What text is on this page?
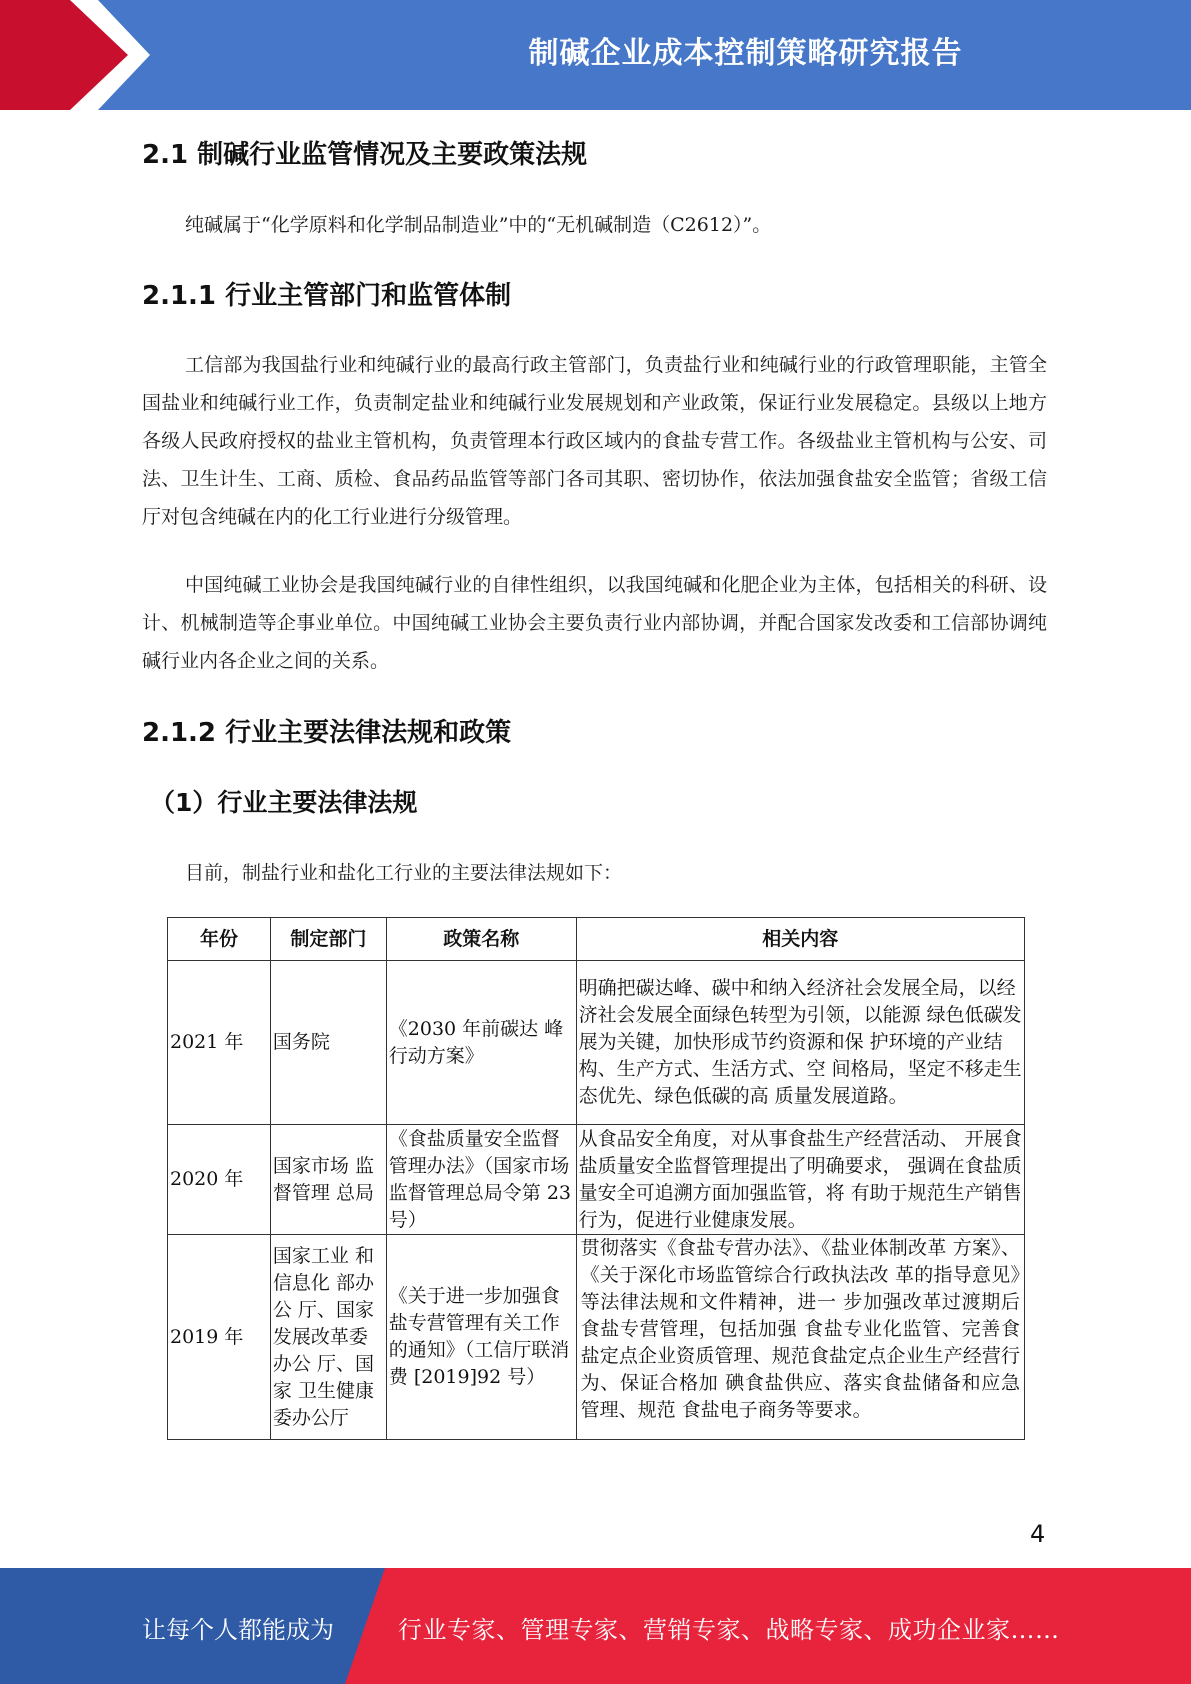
制碱企业成本控制策略研究报告
2.1 制碱行业监管情况及主要政策法规
纯碱属于“化学原料和化学制品制造业”中的“无机碱制造（C2612）”。
2.1.1 行业主管部门和监管体制
工信部为我国盐行业和纯碱行业的最高行政主管部门，负责盐行业和纯碱行业的行政管理职能，主管全国盐业和纯碱行业工作，负责制定盐业和纯碱行业发展规划和产业政策，保证行业发展稳定。县级以上地方各级人民政府授权的盐业主管机构，负责管理本行政区域内的食盐专营工作。各级盐业主管机构与公安、司法、卫生计生、工商、质检、食品药品监管等部门各司其职、密切协作，依法加强食盐安全监管；省级工信厅对包含纯碱在内的化工行业进行分级管理。
中国纯碱工业协会是我国纯碱行业的自律性组织，以我国纯碱和化肥企业为主体，包括相关的科研、设计、机械制造等企事业单位。中国纯碱工业协会主要负责行业内部协调，并配合国家发改委和工信部协调纯碱行业内各企业之间的关系。
2.1.2 行业主要法律法规和政策
（1）行业主要法律法规
目前，制盐行业和盐化工行业的主要法律法规如下：
年份	制定部门	政策名称	相关内容
2021 年	国务院	《2030 年前碳达 峰行动方案》	明确把碳达峰、碳中和纳入经济社会发展全局，以经济社会发展全面绿色转型为引领，以能源 绿色低碳发展为关键，加快形成节约资源和保 护环境的产业结构、生产方式、生活方式、空 间格局，坚定不移走生态优先、绿色低碳的高 质量发展道路。
2020 年	国家市场 监督管理 总局	《食盐质量安全监督管理办法》（国家市场监督管理总局令第 23 号）	从食品安全角度，对从事食盐生产经营活动、 开展食盐质量安全监督管理提出了明确要求， 强调在食盐质量安全可追溯方面加强监管，将 有助于规范生产销售行为，促进行业健康发展。
2019 年	国家工业 和信息化 部办公 厅、国家发展改革委办公 厅、国家 卫生健康委办公厅	《关于进一步加强食盐专营管理有关工作的通知》（工信厅联消费 [2019]92 号）	贯彻落实《食盐专营办法》、《盐业体制改革 方案》、《关于深化市场监管综合行政执法改 革的指导意见》等法律法规和文件精神，进一 步加强改革过渡期后食盐专营管理，包括加强 食盐专业化监管、完善食盐定点企业资质管理、规范食盐定点企业生产经营行为、保证合格加 碘食盐供应、落实食盐储备和应急管理、规范 食盐电子商务等要求。
4
让每个人都能成为	行业专家、管理专家、营销专家、战略专家、成功企业家……
